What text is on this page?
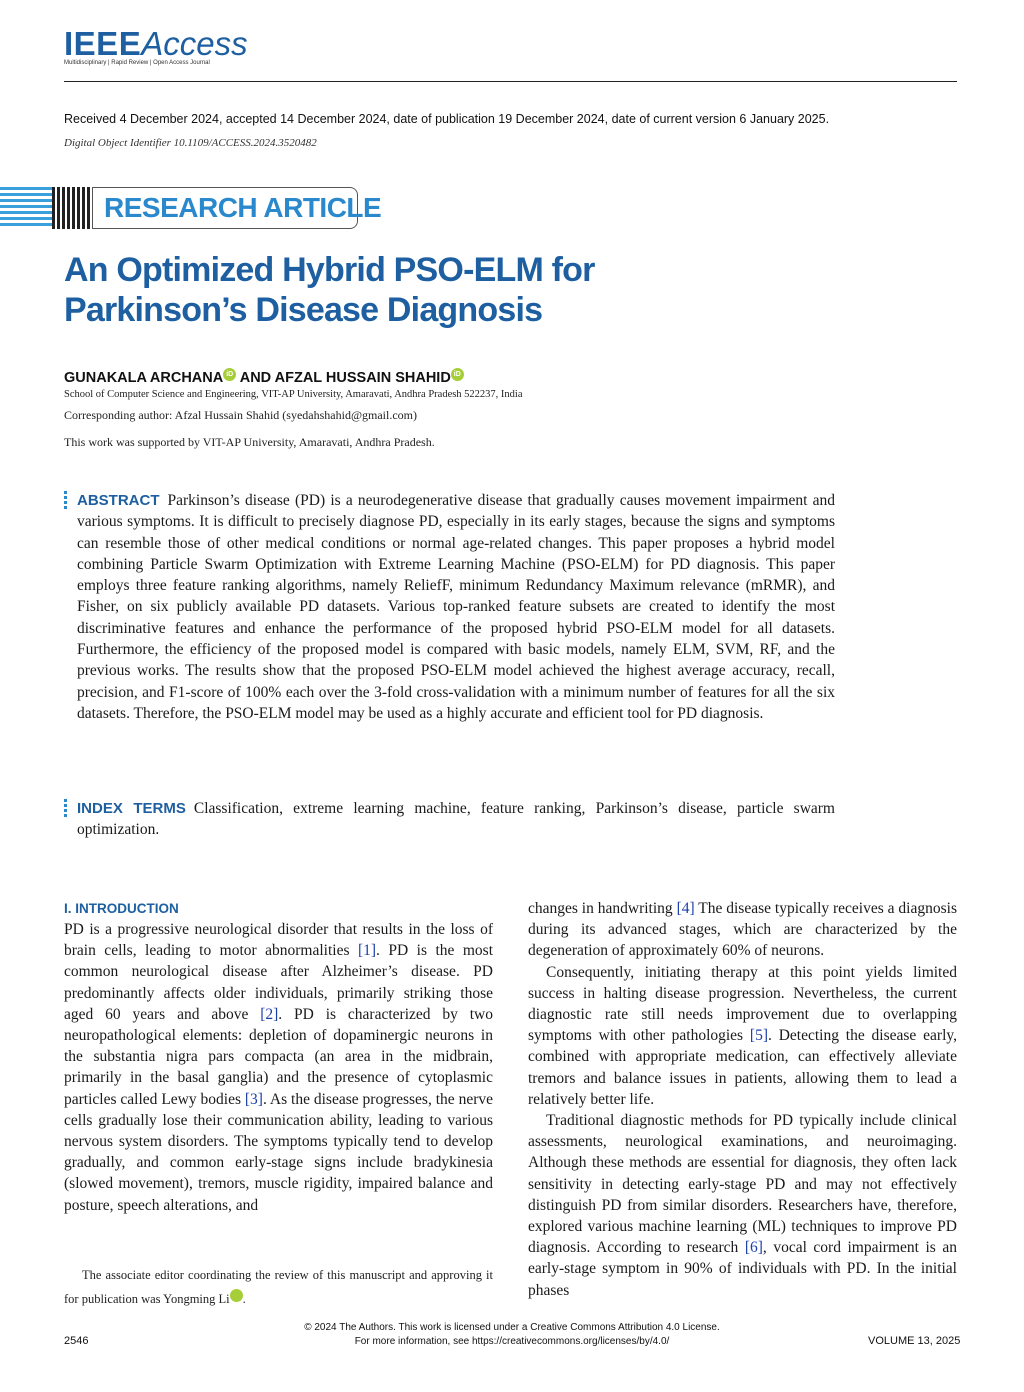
IEEEAccess
Multidisciplinary | Rapid Review | Open Access Journal
Received 4 December 2024, accepted 14 December 2024, date of publication 19 December 2024, date of current version 6 January 2025.
Digital Object Identifier 10.1109/ACCESS.2024.3520482
RESEARCH ARTICLE
An Optimized Hybrid PSO-ELM for
Parkinson’s Disease Diagnosis
GUNAKALA ARCHANA iD AND AFZAL HUSSAIN SHAHID iD
School of Computer Science and Engineering, VIT-AP University, Amaravati, Andhra Pradesh 522237, India
Corresponding author: Afzal Hussain Shahid (syedahshahid@gmail.com)
This work was supported by VIT-AP University, Amaravati, Andhra Pradesh.
ABSTRACT Parkinson’s disease (PD) is a neurodegenerative disease that gradually causes movement impairment and various symptoms. It is difficult to precisely diagnose PD, especially in its early stages, because the signs and symptoms can resemble those of other medical conditions or normal age-related changes. This paper proposes a hybrid model combining Particle Swarm Optimization with Extreme Learning Machine (PSO-ELM) for PD diagnosis. This paper employs three feature ranking algorithms, namely ReliefF, minimum Redundancy Maximum relevance (mRMR), and Fisher, on six publicly available PD datasets. Various top-ranked feature subsets are created to identify the most discriminative features and enhance the performance of the proposed hybrid PSO-ELM model for all datasets. Furthermore, the efficiency of the proposed model is compared with basic models, namely ELM, SVM, RF, and the previous works. The results show that the proposed PSO-ELM model achieved the highest average accuracy, recall, precision, and F1-score of 100% each over the 3-fold cross-validation with a minimum number of features for all the six datasets. Therefore, the PSO-ELM model may be used as a highly accurate and efficient tool for PD diagnosis.
INDEX TERMS Classification, extreme learning machine, feature ranking, Parkinson’s disease, particle swarm optimization.
I. INTRODUCTION

PD is a progressive neurological disorder that results in the loss of brain cells, leading to motor abnormalities [1]. PD is the most common neurological disease after Alzheimer’s disease. PD predominantly affects older individuals, primarily striking those aged 60 years and above [2]. PD is characterized by two neuropathological elements: depletion of dopaminergic neurons in the substantia nigra pars compacta (an area in the midbrain, primarily in the basal ganglia) and the presence of cytoplasmic particles called Lewy bodies [3]. As the disease progresses, the nerve cells gradually lose their communication ability, leading to various nervous system disorders. The symptoms typically tend to develop gradually, and common early-stage signs include bradykinesia (slowed movement), tremors, muscle rigidity, impaired balance and posture, speech alterations, and

changes in handwriting [4] The disease typically receives a diagnosis during its advanced stages, which are characterized by the degeneration of approximately 60% of neurons.

Consequently, initiating therapy at this point yields limited success in halting disease progression. Nevertheless, the current diagnostic rate still needs improvement due to overlapping symptoms with other pathologies [5]. Detecting the disease early, combined with appropriate medication, can effectively alleviate tremors and balance issues in patients, allowing them to lead a relatively better life.

Traditional diagnostic methods for PD typically include clinical assessments, neurological examinations, and neuroimaging. Although these methods are essential for diagnosis, they often lack sensitivity in detecting early-stage PD and may not effectively distinguish PD from similar disorders. Researchers have, therefore, explored various machine learning (ML) techniques to improve PD diagnosis. According to research [6], vocal cord impairment is an early-stage symptom in 90% of individuals with PD. In the initial phases

The associate editor coordinating the review of this manuscript and approving it for publication was Yongming Li	iD.

© 2024 The Authors. This work is licensed under a Creative Commons Attribution 4.0 License.
For more information, see https://creativecommons.org/licenses/by/4.0/
2546	VOLUME 13, 2025
